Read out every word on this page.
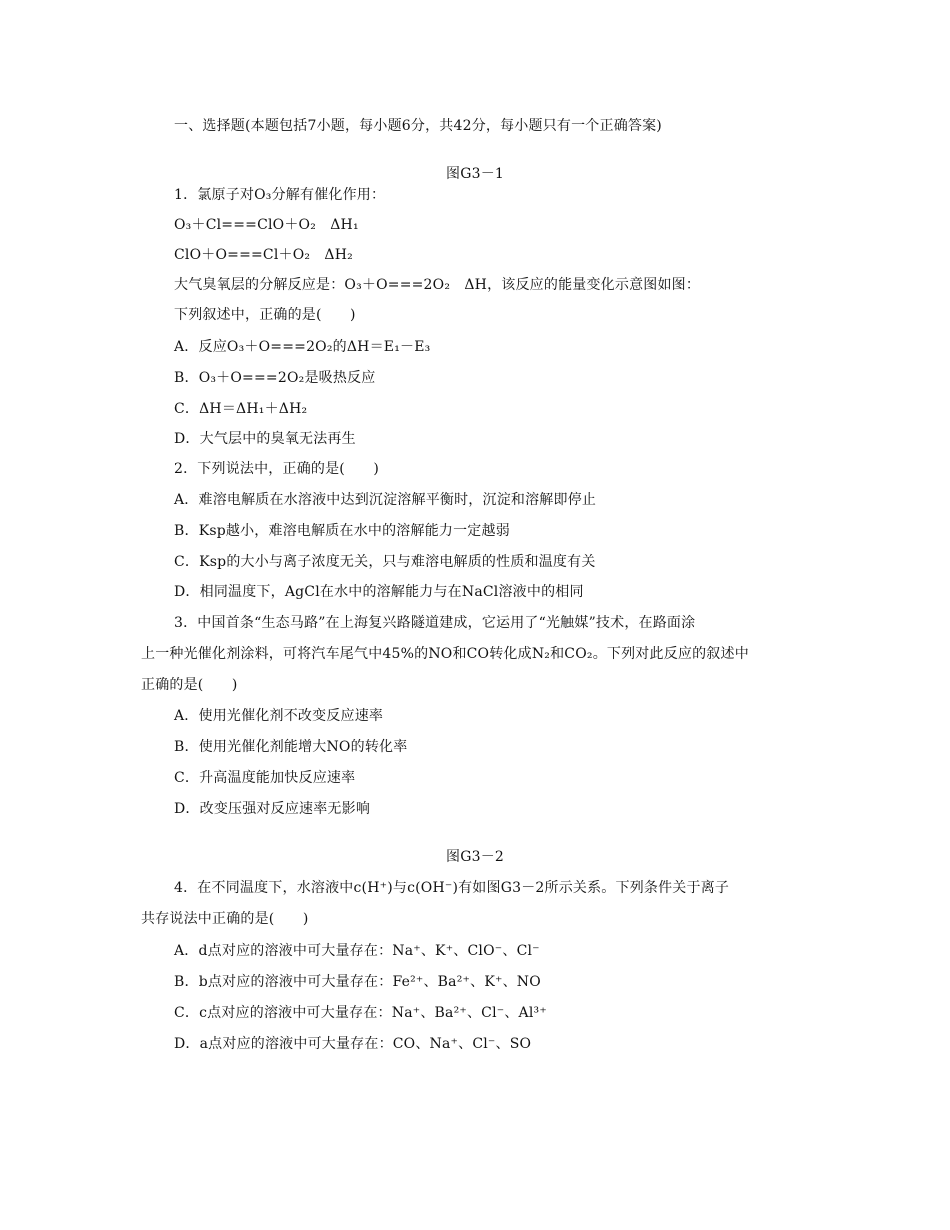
一、选择题(本题包括7小题，每小题6分，共42分，每小题只有一个正确答案)
图G3－1
1．氯原子对O₃分解有催化作用：
O₃＋Cl===ClO＋O₂　ΔH₁
ClO＋O===Cl＋O₂　ΔH₂
大气臭氧层的分解反应是：O₃＋O===2O₂　ΔH，该反应的能量变化示意图如图：
下列叙述中，正确的是(　　)
A．反应O₃＋O===2O₂的ΔH＝E₁－E₃
B．O₃＋O===2O₂是吸热反应
C．ΔH＝ΔH₁＋ΔH₂
D．大气层中的臭氧无法再生
2．下列说法中，正确的是(　　)
A．难溶电解质在水溶液中达到沉淀溶解平衡时，沉淀和溶解即停止
B．Ksp越小，难溶电解质在水中的溶解能力一定越弱
C．Ksp的大小与离子浓度无关，只与难溶电解质的性质和温度有关
D．相同温度下，AgCl在水中的溶解能力与在NaCl溶液中的相同
3．中国首条“生态马路”在上海复兴路隧道建成，它运用了“光触媒”技术，在路面涂
上一种光催化剂涂料，可将汽车尾气中45%的NO和CO转化成N₂和CO₂。下列对此反应的叙述中
正确的是(　　)
A．使用光催化剂不改变反应速率
B．使用光催化剂能增大NO的转化率
C．升高温度能加快反应速率
D．改变压强对反应速率无影响
图G3－2
4．在不同温度下，水溶液中c(H⁺)与c(OH⁻)有如图G3－2所示关系。下列条件关于离子
共存说法中正确的是(　　)
A．d点对应的溶液中可大量存在：Na⁺、K⁺、ClO⁻、Cl⁻
B．b点对应的溶液中可大量存在：Fe²⁺、Ba²⁺、K⁺、NO
C．c点对应的溶液中可大量存在：Na⁺、Ba²⁺、Cl⁻、Al³⁺
D．a点对应的溶液中可大量存在：CO、Na⁺、Cl⁻、SO
